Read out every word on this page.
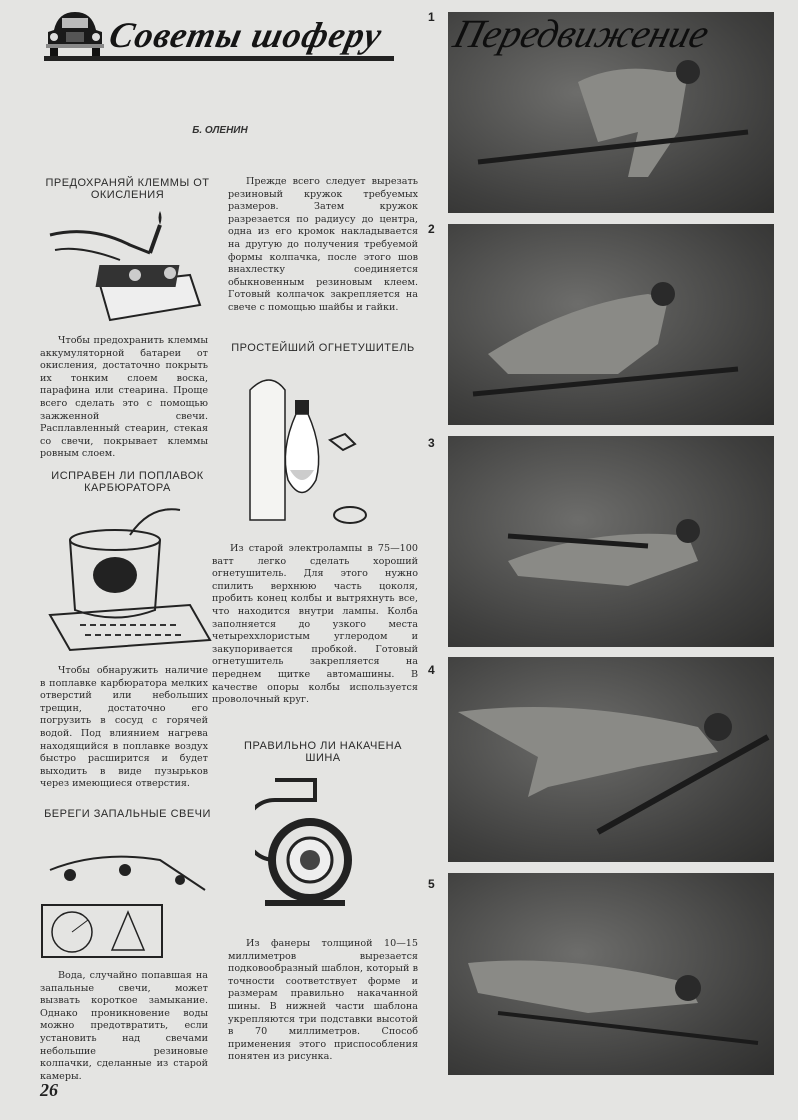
Советы шоферу
Б. ОЛЕНИН
ПРЕДОХРАНЯЙ КЛЕММЫ ОТ ОКИСЛЕНИЯ
Чтобы предохранить клеммы аккумуляторной батареи от окисления, достаточно покрыть их тонким слоем воска, парафина или стеарина. Проще всего сделать это с помощью зажженной свечи. Расплавленный стеарин, стекая со свечи, покрывает клеммы ровным слоем.
ИСПРАВЕН ЛИ ПОПЛАВОК КАРБЮРАТОРА
Чтобы обнаружить наличие в поплавке карбюратора мелких отверстий или небольших трещин, достаточно его погрузить в сосуд с горячей водой. Под влиянием нагрева находящийся в поплавке воздух быстро расширится и будет выходить в виде пузырьков через имеющиеся отверстия.
БЕРЕГИ ЗАПАЛЬНЫЕ СВЕЧИ
Вода, случайно попавшая на запальные свечи, может вызвать короткое замыкание. Однако проникновение воды можно предотвратить, если установить над свечами небольшие резиновые колпачки, сделанные из старой камеры.
Прежде всего следует вырезать резиновый кружок требуемых размеров. Затем кружок разрезается по радиусу до центра, одна из его кромок накладывается на другую до получения требуемой формы колпачка, после этого шов внахлестку соединяется обыкновенным резиновым клеем. Готовый колпачок закрепляется на свече с помощью шайбы и гайки.
ПРОСТЕЙШИЙ ОГНЕТУШИТЕЛЬ
Из старой электролампы в 75—100 ватт легко сделать хороший огнетушитель. Для этого нужно спилить верхнюю часть цоколя, пробить конец колбы и вытряхнуть все, что находится внутри лампы. Колба заполняется до узкого места четыреххлористым углеродом и закупоривается пробкой. Готовый огнетушитель закрепляется на переднем щитке автомашины. В качестве опоры колбы используется проволочный круг.
ПРАВИЛЬНО ЛИ НАКАЧЕНА ШИНА
Из фанеры толщиной 10—15 миллиметров вырезается подковообразный шаблон, который в точности соответствует форме и размерам правильно накачанной шины. В нижней части шаблона укрепляются три подставки высотой в 70 миллиметров. Способ применения этого приспособления понятен из рисунка.
Передвижение
1
2
3
4
5
26
